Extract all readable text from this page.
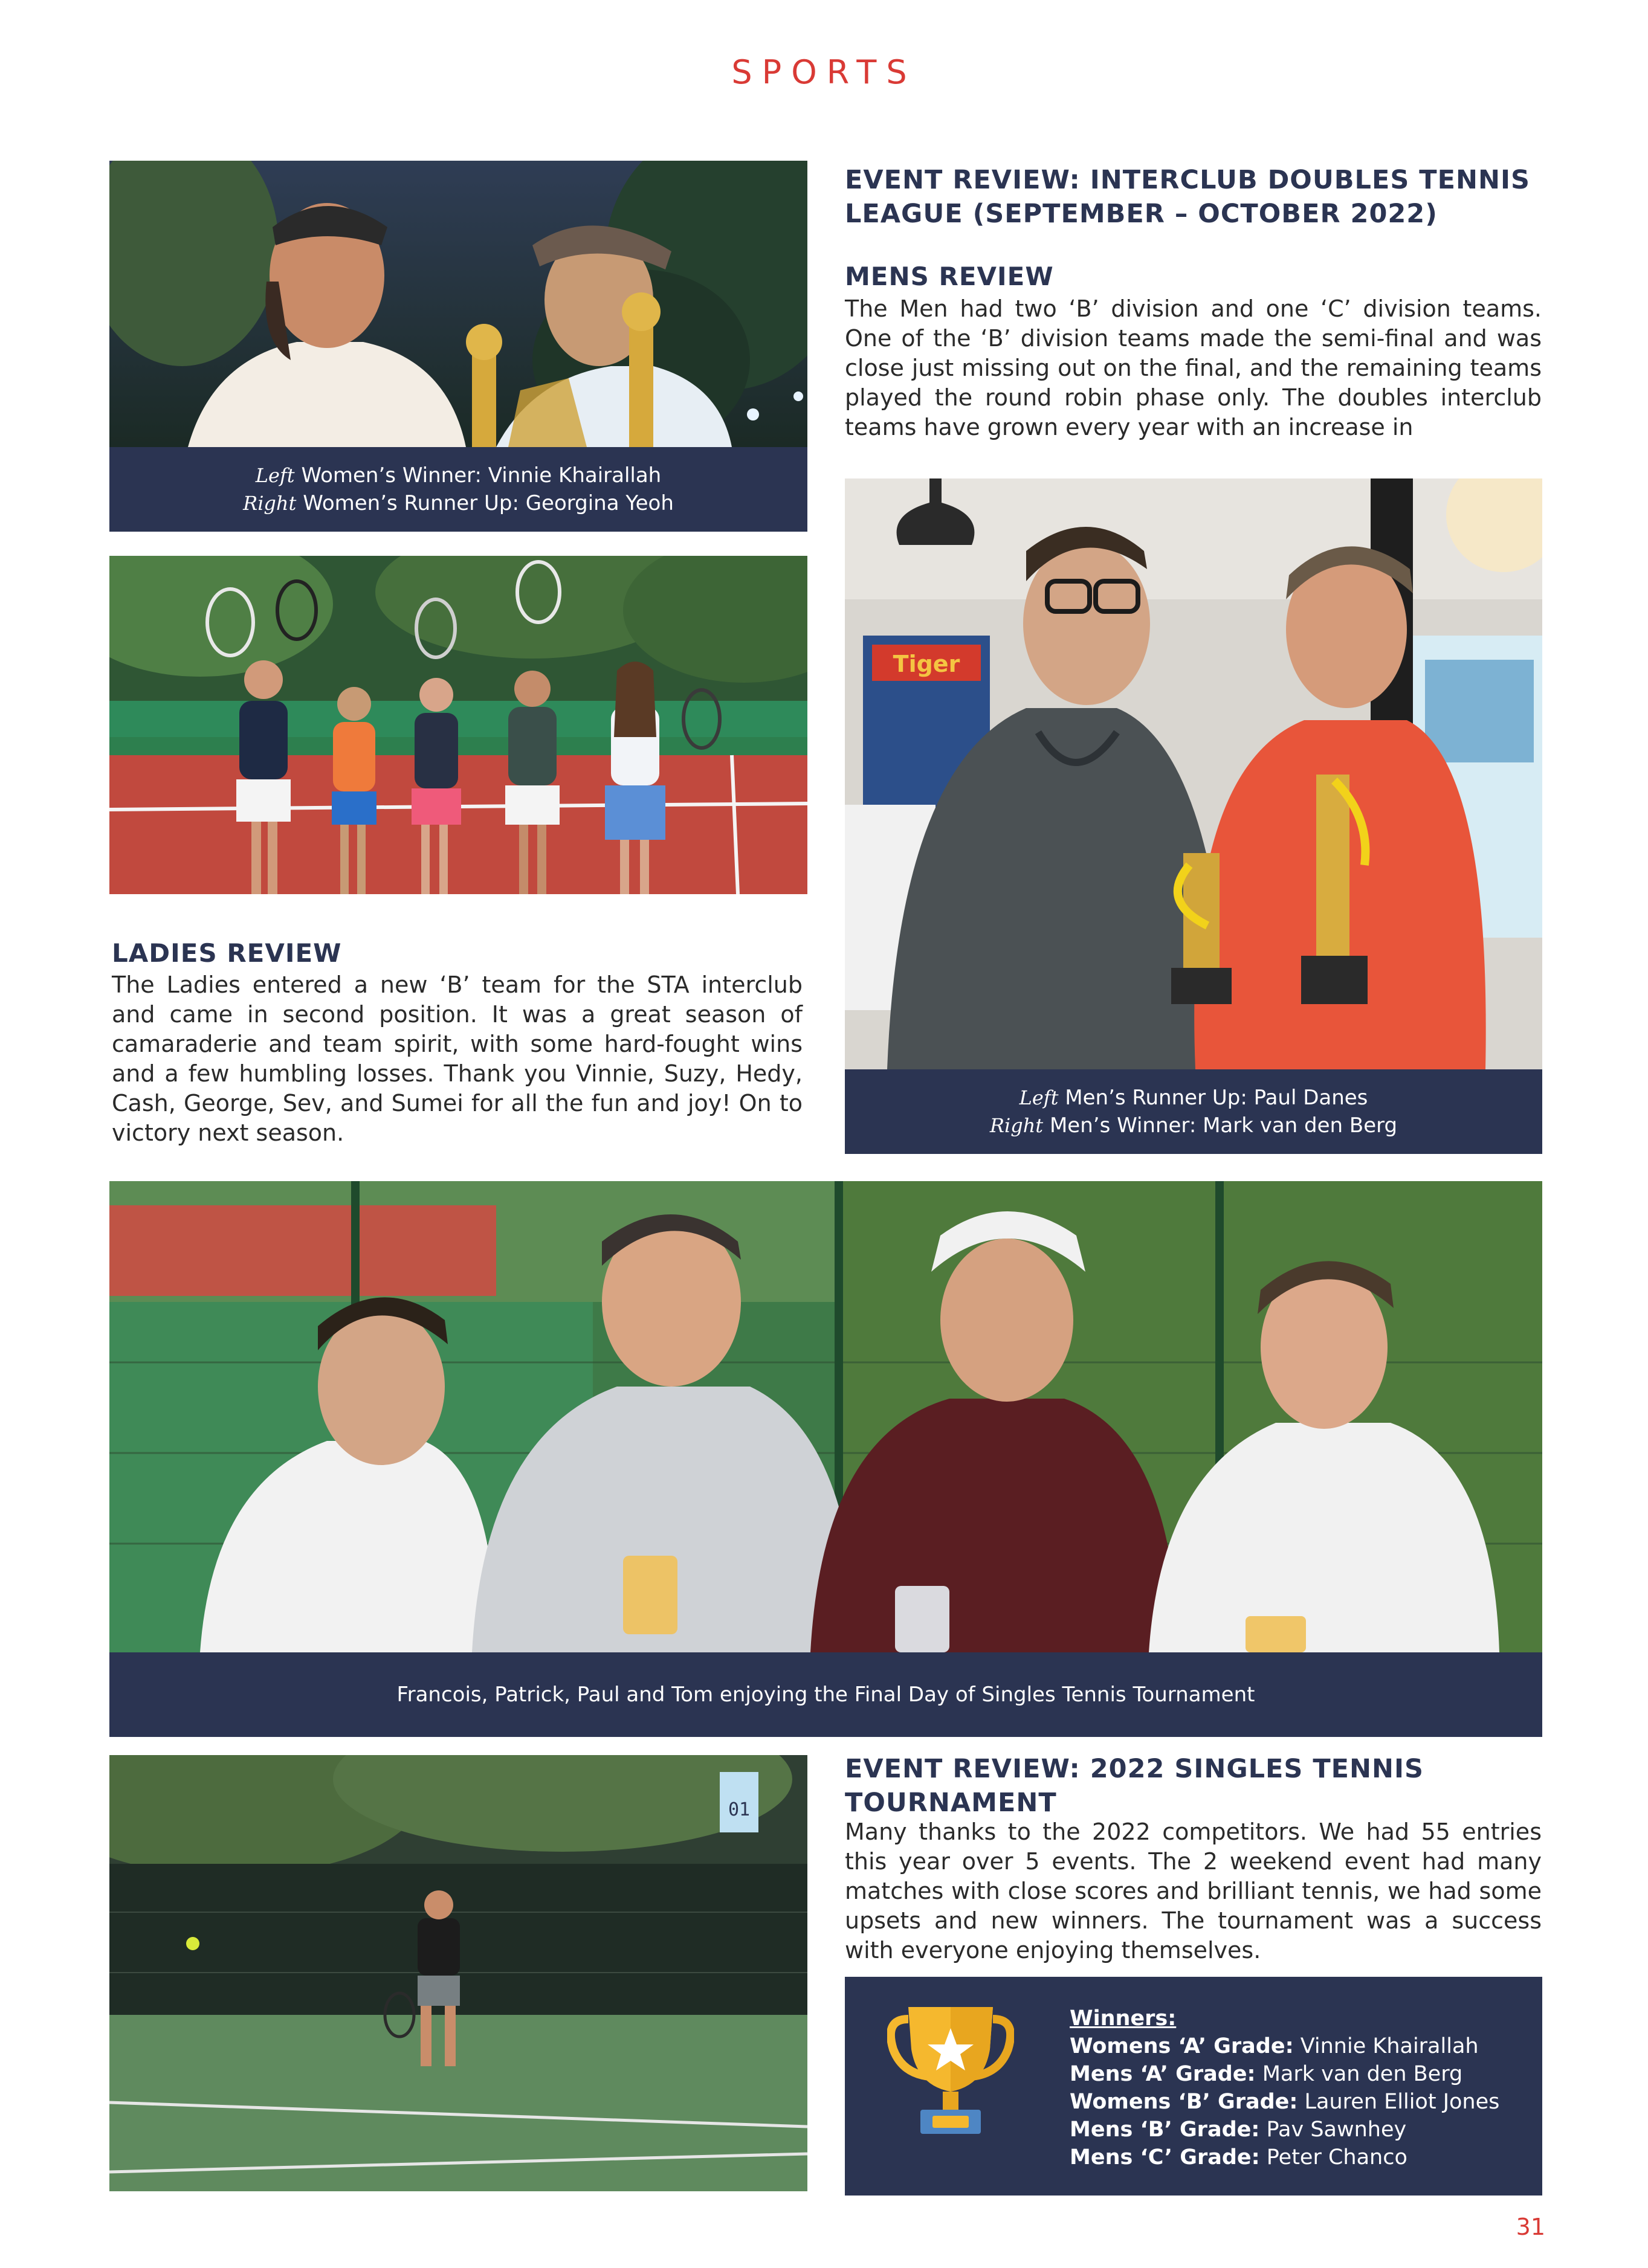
SPORTS
Left Women’s Winner: Vinnie Khairallah
Right Women’s Runner Up: Georgina Yeoh
EVENT REVIEW: INTERCLUB DOUBLES TENNIS LEAGUE (SEPTEMBER – OCTOBER 2022)
MENS REVIEW

The Men had two ‘B’ division and one ‘C’ division teams. One of the ‘B’ division teams made the semi-final and was close just missing out on the final, and the remaining teams played the round robin phase only. The doubles interclub teams have grown every year with an increase in

Tiger
Left Men’s Runner Up: Paul Danes
Right Men’s Winner: Mark van den Berg
LADIES REVIEW

The Ladies entered a new ‘B’ team for the STA interclub and came in second position. It was a great season of camaraderie and team spirit, with some hard-fought wins and a few humbling losses. Thank you Vinnie, Suzy, Hedy, Cash, George, Sev, and Sumei for all the fun and joy! On to victory next season.

Francois, Patrick, Paul and Tom enjoying the Final Day of Singles Tennis Tournament
01
EVENT REVIEW: 2022 SINGLES TENNIS TOURNAMENT

Many thanks to the 2022 competitors. We had 55 entries this year over 5 events. The 2 weekend event had many matches with close scores and brilliant tennis, we had some upsets and new winners. The tournament was a success with everyone enjoying themselves.

Winners:
Womens ‘A’ Grade: Vinnie Khairallah
Mens ‘A’ Grade: Mark van den Berg
Womens ‘B’ Grade: Lauren Elliot Jones
Mens ‘B’ Grade: Pav Sawnhey
Mens ‘C’ Grade: Peter Chanco
31
